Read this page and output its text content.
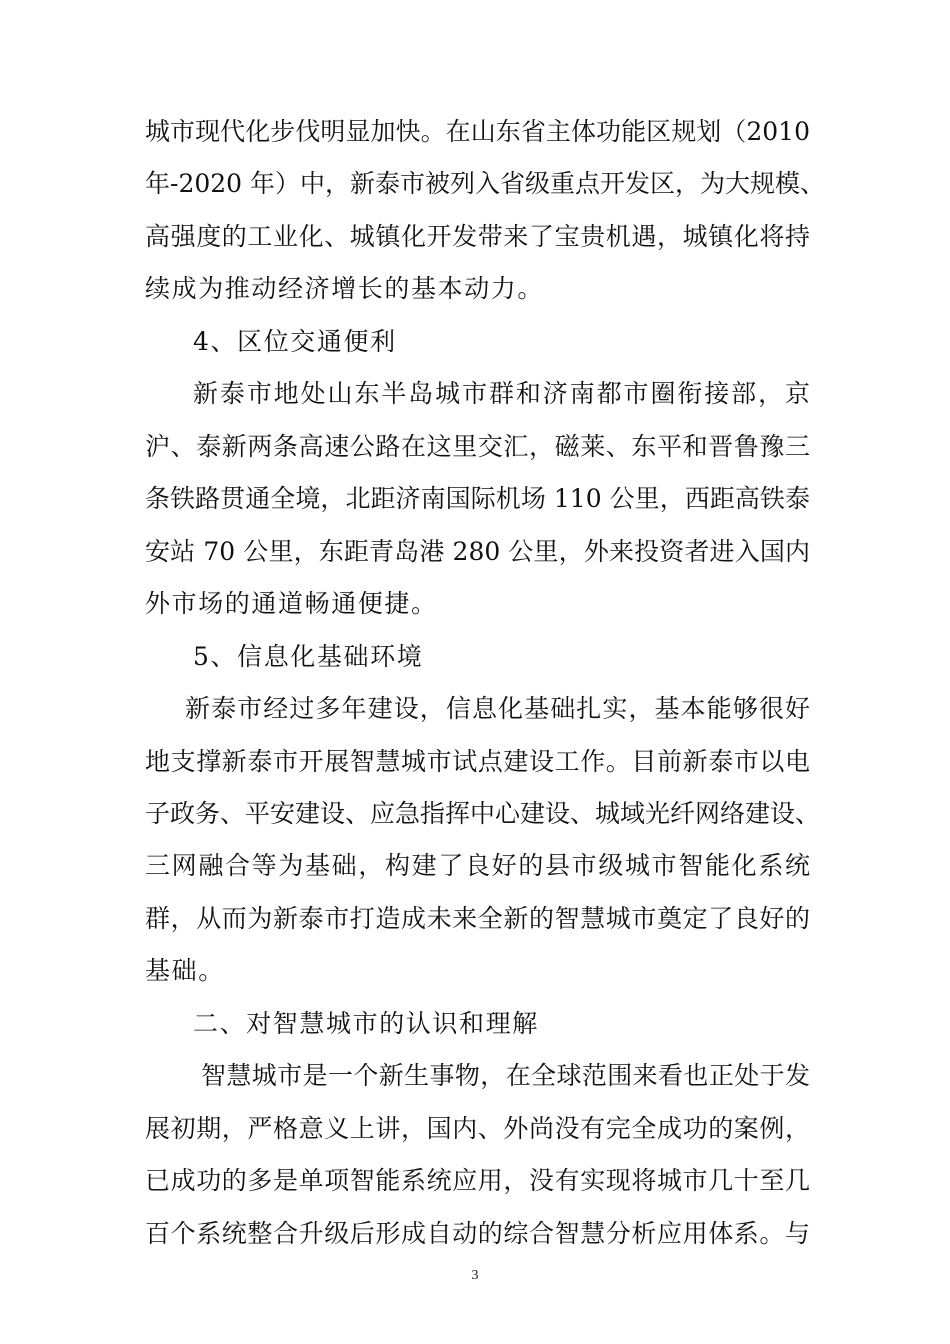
城市现代化步伐明显加快。在山东省主体功能区规划（2010
年-2020 年）中，新泰市被列入省级重点开发区，为大规模、
高强度的工业化、城镇化开发带来了宝贵机遇，城镇化将持
续成为推动经济增长的基本动力。
4、区位交通便利
新泰市地处山东半岛城市群和济南都市圈衔接部，京
沪、泰新两条高速公路在这里交汇，磁莱、东平和晋鲁豫三
条铁路贯通全境，北距济南国际机场 110 公里，西距高铁泰
安站 70 公里，东距青岛港 280 公里，外来投资者进入国内
外市场的通道畅通便捷。
5、信息化基础环境
新泰市经过多年建设，信息化基础扎实，基本能够很好
地支撑新泰市开展智慧城市试点建设工作。目前新泰市以电
子政务、平安建设、应急指挥中心建设、城域光纤网络建设、
三网融合等为基础，构建了良好的县市级城市智能化系统
群，从而为新泰市打造成未来全新的智慧城市奠定了良好的
基础。
二、对智慧城市的认识和理解
智慧城市是一个新生事物，在全球范围来看也正处于发
展初期，严格意义上讲，国内、外尚没有完全成功的案例，
已成功的多是单项智能系统应用，没有实现将城市几十至几
百个系统整合升级后形成自动的综合智慧分析应用体系。与
3
